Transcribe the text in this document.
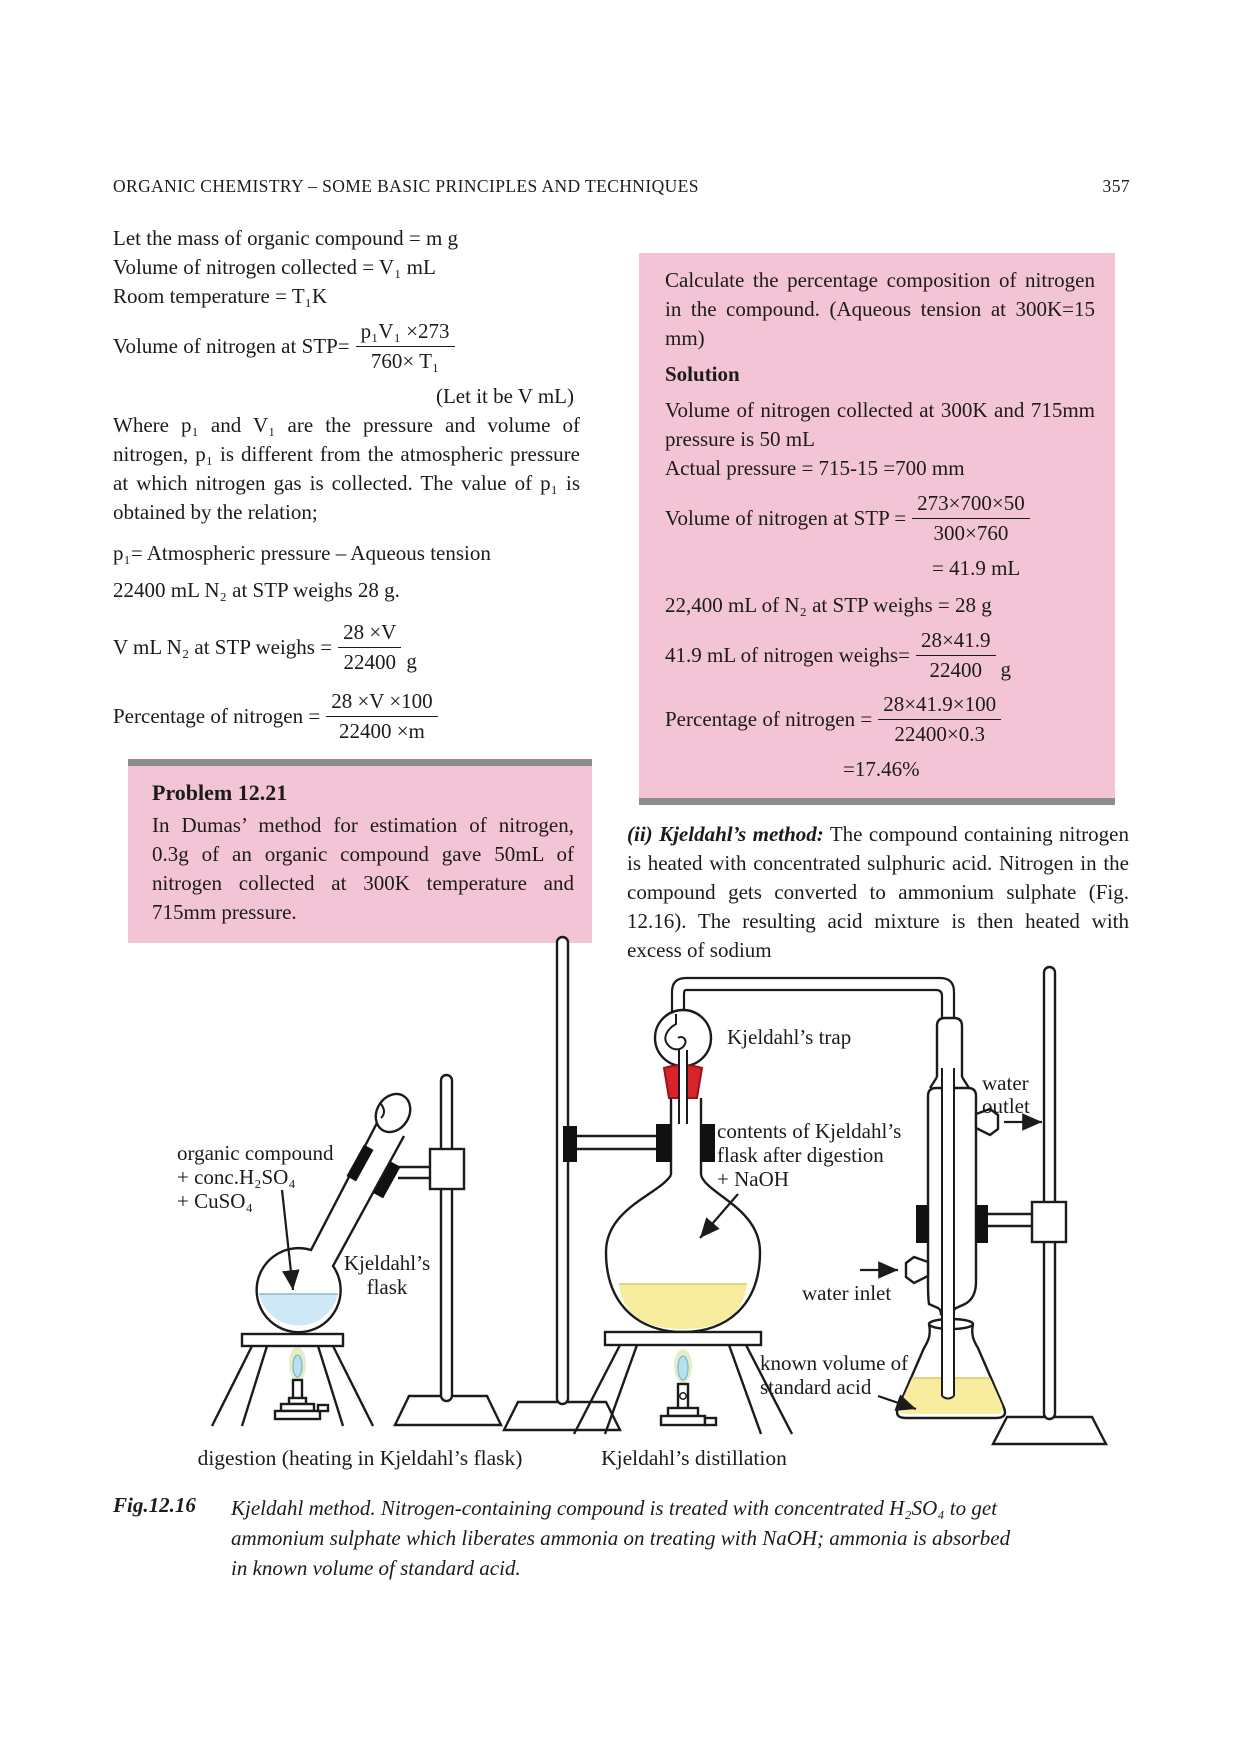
ORGANIC CHEMISTRY – SOME BASIC PRINCIPLES AND TECHNIQUES	357
Let the mass of organic compound = m g
Volume of nitrogen collected = V₁ mL
Room temperature = T₁K
Volume of nitrogen at $STP= \frac{\text{p₁V₁ ×273}}{\text{760× T₁}}$
(Let it be V mL)
Where p₁ and V₁ are the pressure and volume of nitrogen, p₁ is different from the atmospheric pressure at which nitrogen gas is collected. The value of p₁ is obtained by the relation;
p₁= Atmospheric pressure – Aqueous tension
22400 mL N₂ at STP weighs 28 g.
V mL N₂ at STP weighs = $\frac{28 \times V}{22400}$ g
Percentage of nitrogen = $\frac{28 \times V \times 100}{22400 \times m}$
Problem 12.21
In Dumas’ method for estimation of nitrogen, 0.3g of an organic compound gave 50mL of nitrogen collected at 300K temperature and 715mm pressure.
Calculate the percentage composition of nitrogen in the compound. (Aqueous tension at 300K=15 mm)
Solution
Volume of nitrogen collected at 300K and 715mm pressure is 50 mL
Actual pressure = 715-15 =700 mm
Volume of nitrogen at STP = $\frac{273\times 700\times 50}{300\times 760}$
= 41.9 mL
22,400 mL of N₂ at STP weighs = 28 g
41.9 mL of nitrogen weighs= $\frac{28\times 41.9}{22400}$ g
Percentage of nitrogen = $\frac{28\times 41.9\times 100}{22400\times 0.3}$
=17.46%
(ii) Kjeldahl’s method: The compound containing nitrogen is heated with concentrated sulphuric acid. Nitrogen in the compound gets converted to ammonium sulphate (Fig. 12.16). The resulting acid mixture is then heated with excess of sodium
Kjeldahl’s trap
organic compound
+ conc.H₂SO₄
+ CuSO₄
Kjeldahl’s
flask
contents of Kjeldahl’s
flask after digestion
+ NaOH
water
outlet
water inlet
known volume of
standard acid
digestion (heating in Kjeldahl’s flask)	Kjeldahl’s distillation
Fig.12.16	Kjeldahl method. Nitrogen-containing compound is treated with concentrated H₂SO₄ to get ammonium sulphate which liberates ammonia on treating with NaOH; ammonia is absorbed in known volume of standard acid.
